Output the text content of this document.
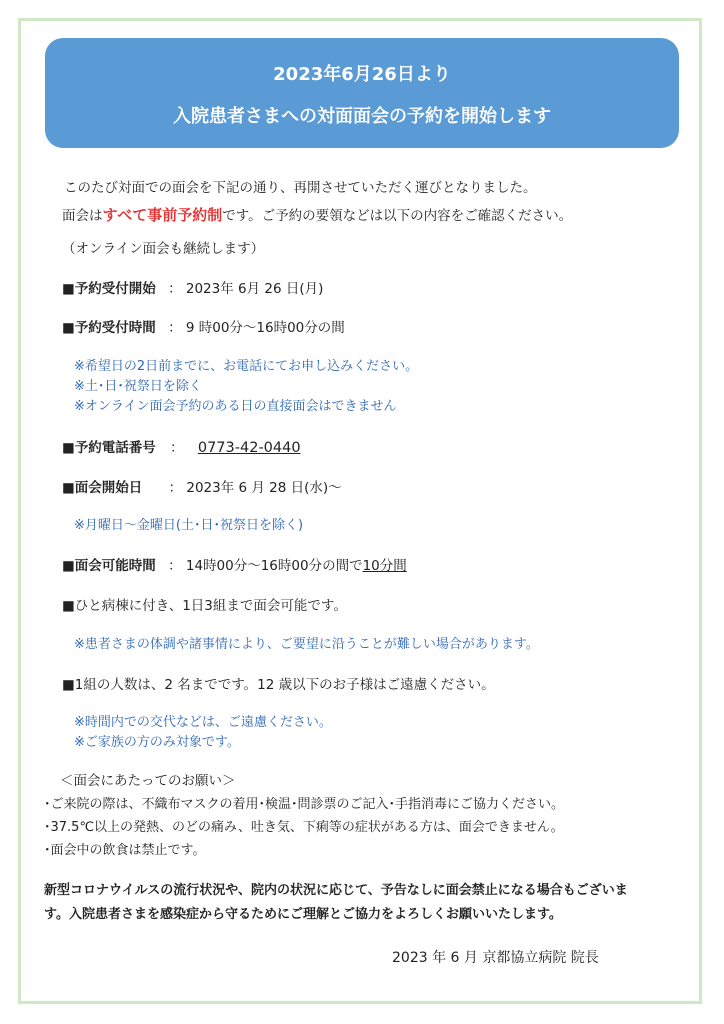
2023年6月26日より
入院患者さまへの対面面会の予約を開始します
このたび対面での面会を下記の通り、再開させていただく運びとなりました。
面会はすべて事前予約制です。ご予約の要領などは以下の内容をご確認ください。
（オンライン面会も継続します）
■予約受付開始 ： 2023年 6月 26 日(月)
■予約受付時間 ： 9 時00分～16時00分の間
※希望日の2日前までに、お電話にてお申し込みください。
※土･日･祝祭日を除く
※オンライン面会予約のある日の直接面会はできません
■予約電話番号 ： 0773-42-0440
■面会開始日 ： 2023年 6 月 28 日(水)～
※月曜日～金曜日(土･日･祝祭日を除く)
■面会可能時間 ： 14時00分～16時00分の間で10分間
■ひと病棟に付き、1日3組まで面会可能です。
※患者さまの体調や諸事情により、ご要望に沿うことが難しい場合があります。
■1組の人数は、2 名までです。12 歳以下のお子様はご遠慮ください。
※時間内での交代などは、ご遠慮ください。
※ご家族の方のみ対象です。
＜面会にあたってのお願い＞
･ご来院の際は、不織布マスクの着用･検温･問診票のご記入･手指消毒にご協力ください。
･37.5℃以上の発熱、のどの痛み、吐き気、下痢等の症状がある方は、面会できません。
･面会中の飲食は禁止です。
新型コロナウイルスの流行状況や、院内の状況に応じて、予告なしに面会禁止になる場合もございま
す。入院患者さまを感染症から守るためにご理解とご協力をよろしくお願いいたします。
2023 年 6 月 京都協立病院 院長
